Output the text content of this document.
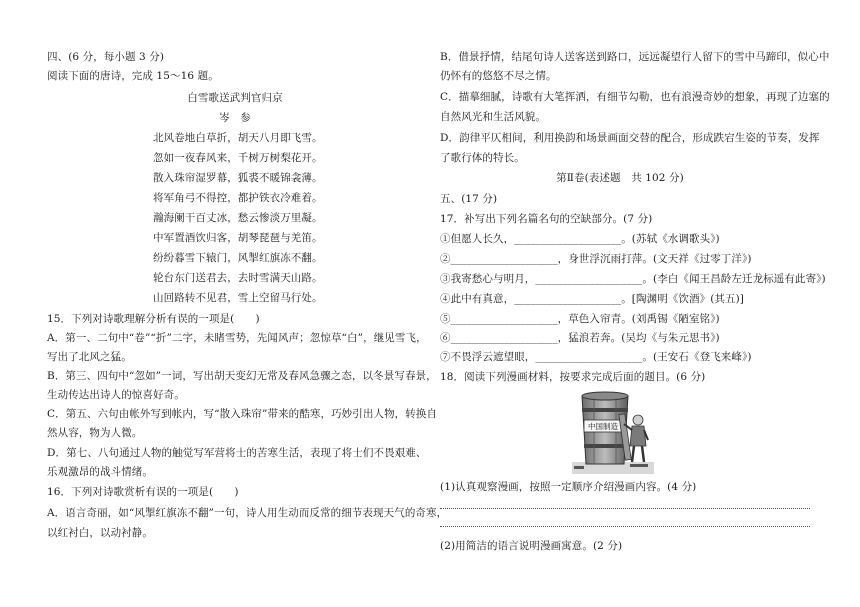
四、(6 分，每小题 3 分)
阅读下面的唐诗，完成 15～16 题。
白雪歌送武判官归京
岑　参
北风卷地白草折，胡天八月即飞雪。
忽如一夜春风来，千树万树梨花开。
散入珠帘湿罗幕，狐裘不暖锦衾薄。
将军角弓不得控，都护铁衣冷难着。
瀚海阑干百丈冰，愁云惨淡万里凝。
中军置酒饮归客，胡琴琵琶与羌笛。
纷纷暮雪下辕门，风掣红旗冻不翻。
轮台东门送君去，去时雪满天山路。
山回路转不见君，雪上空留马行处。
15．下列对诗歌理解分析有误的一项是(　　)
A．第一、二句中“卷”“折”二字，未睹雪势，先闻风声；忽惊草“白”，继见雪飞，
写出了北风之猛。
B．第三、四句中“忽如”一词，写出胡天变幻无常及春风急骤之态，以冬景写春景，
生动传达出诗人的惊喜好奇。
C．第五、六句由帐外写到帐内，写“散入珠帘”带来的酷寒，巧妙引出人物，转换自
然从容，物为人微。
D．第七、八句通过人物的触觉写军营将士的苦寒生活，表现了将士们不畏艰难、
乐观激昂的战斗情绪。
16．下列对诗歌赏析有误的一项是(　　)
A．语言奇丽，如“风掣红旗冻不翻”一句，诗人用生动而反常的细节表现天气的奇寒，
以红衬白，以动衬静。
B．借景抒情，结尾句诗人送客送到路口，远远凝望行人留下的雪中马蹄印，似心中
仍怀有的悠悠不尽之情。
C．描摹细腻，诗歌有大笔挥洒，有细节勾勒，也有浪漫奇妙的想象，再现了边塞的
自然风光和生活风貌。
D．韵律平仄相间，利用换韵和场景画面交替的配合，形成跌宕生姿的节奏，发挥
了歌行体的特长。
第Ⅱ卷(表述题　共 102 分)
五、(17 分)
17．补写出下列名篇名句的空缺部分。(7 分)
①但愿人长久，____________________。(苏轼《水调歌头》)
②____________________，身世浮沉雨打萍。(文天祥《过零丁洋》)
③我寄愁心与明月，____________________。(李白《闻王昌龄左迁龙标遥有此寄》)
④此中有真意，____________________。[陶渊明《饮酒》(其五)]
⑤____________________，草色入帘青。(刘禹锡《陋室铭》)
⑥____________________，猛浪若奔。(吴均《与朱元思书》)
⑦不畏浮云遮望眼，____________________。(王安石《登飞来峰》)
18．阅读下列漫画材料，按要求完成后面的题目。(6 分)
(1)认真观察漫画，按照一定顺序介绍漫画内容。(4 分)
(2)用简洁的语言说明漫画寓意。(2 分)
中国制造
